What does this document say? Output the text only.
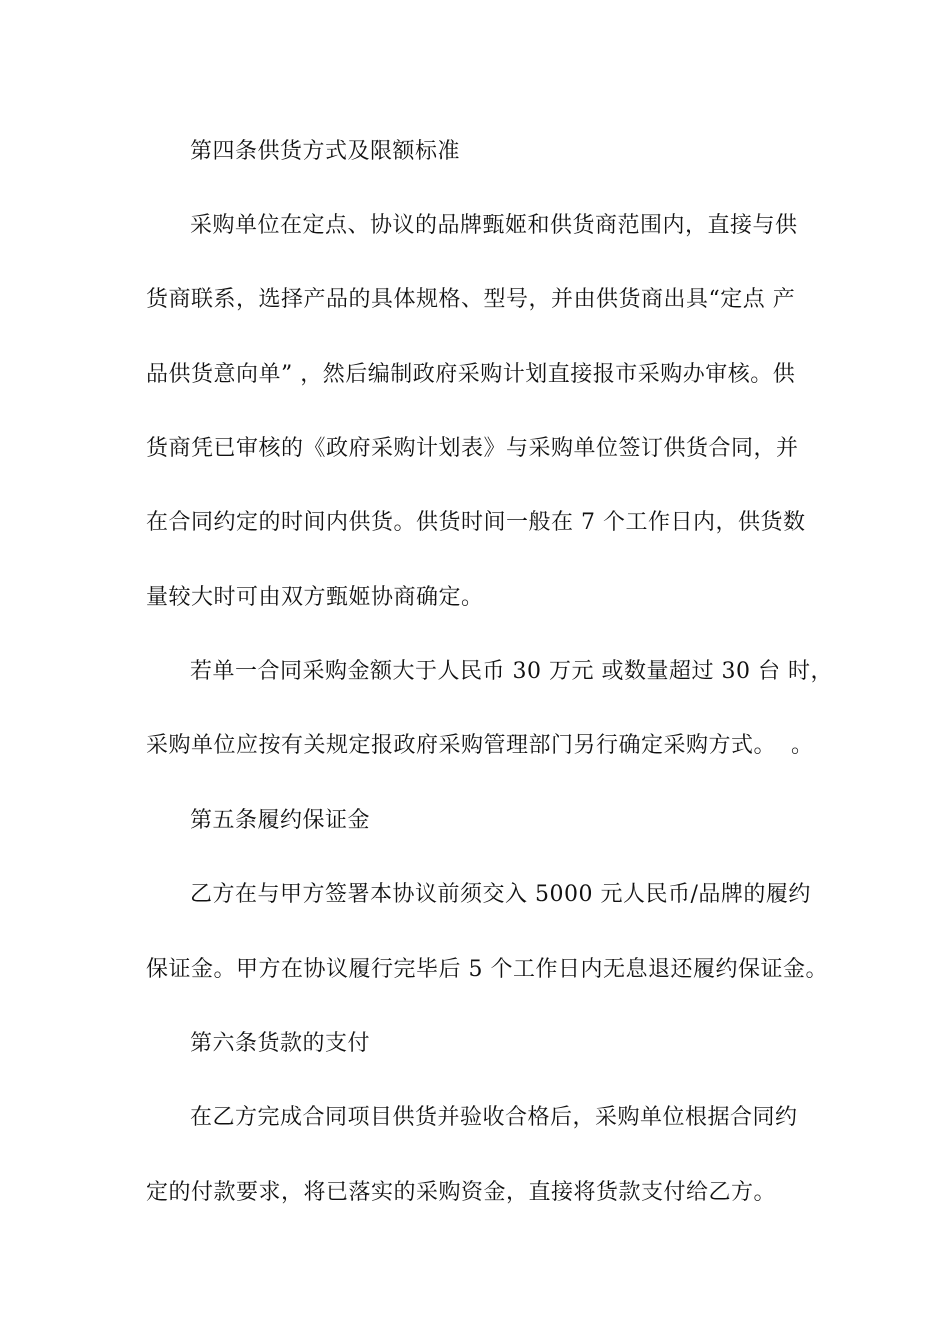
第四条供货方式及限额标准
采购单位在定点、协议的品牌甄姬和供货商范围内，直接与供
货商联系，选择产品的具体规格、型号，并由供货商出具“定点 产
品供货意向单” ，然后编制政府采购计划直接报市采购办审核。供
货商凭已审核的《政府采购计划表》与采购单位签订供货合同，并
在合同约定的时间内供货。供货时间一般在 7 个工作日内，供货数
量较大时可由双方甄姬协商确定。
若单一合同采购金额大于人民币 30 万元 或数量超过 30 台 时，
采购单位应按有关规定报政府采购管理部门另行确定采购方式。  。
第五条履约保证金
乙方在与甲方签署本协议前须交入 5000 元人民币/品牌的履约
保证金。甲方在协议履行完毕后 5 个工作日内无息退还履约保证金。
第六条货款的支付
在乙方完成合同项目供货并验收合格后，采购单位根据合同约
定的付款要求，将已落实的采购资金，直接将货款支付给乙方。
